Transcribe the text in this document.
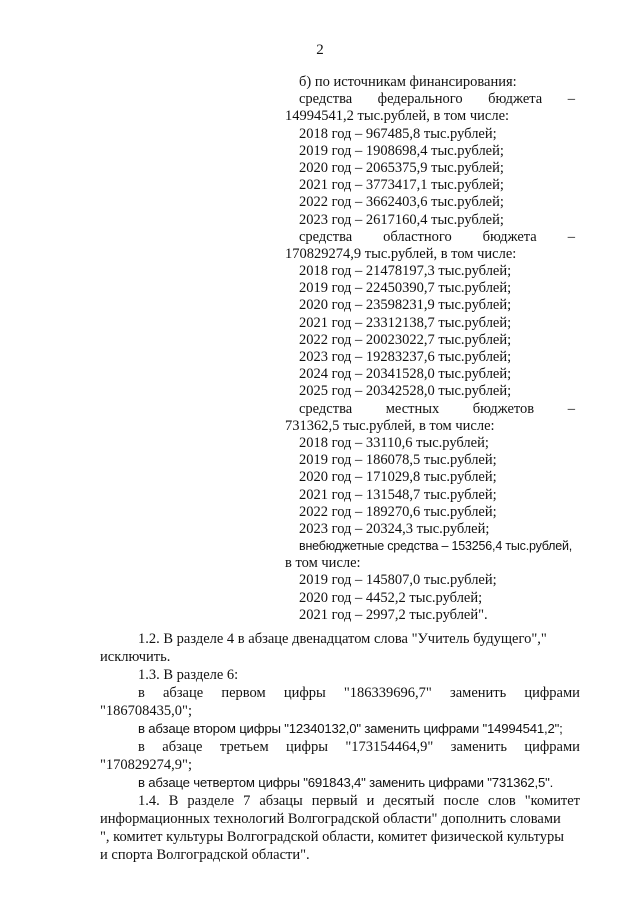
2
б) по источникам финансирования:
средства федерального бюджета –
14994541,2 тыс.рублей, в том числе:
2018 год – 967485,8 тыс.рублей;
2019 год – 1908698,4 тыс.рублей;
2020 год – 2065375,9 тыс.рублей;
2021 год – 3773417,1 тыс.рублей;
2022 год – 3662403,6 тыс.рублей;
2023 год – 2617160,4 тыс.рублей;
средства областного бюджета –
170829274,9 тыс.рублей, в том числе:
2018 год – 21478197,3 тыс.рублей;
2019 год – 22450390,7 тыс.рублей;
2020 год – 23598231,9 тыс.рублей;
2021 год – 23312138,7 тыс.рублей;
2022 год – 20023022,7 тыс.рублей;
2023 год – 19283237,6 тыс.рублей;
2024 год – 20341528,0 тыс.рублей;
2025 год – 20342528,0 тыс.рублей;
средства местных бюджетов –
731362,5 тыс.рублей, в том числе:
2018 год – 33110,6 тыс.рублей;
2019 год – 186078,5 тыс.рублей;
2020 год – 171029,8 тыс.рублей;
2021 год – 131548,7 тыс.рублей;
2022 год – 189270,6 тыс.рублей;
2023 год – 20324,3 тыс.рублей;
внебюджетные средства – 153256,4 тыс.рублей,
в том числе:
2019 год – 145807,0 тыс.рублей;
2020 год – 4452,2 тыс.рублей;
2021 год – 2997,2 тыс.рублей".
1.2. В разделе 4 в абзаце двенадцатом слова "Учитель будущего","
исключить.
1.3. В разделе 6:
в абзаце первом цифры "186339696,7" заменить цифрами
"186708435,0";
в абзаце втором цифры "12340132,0" заменить цифрами "14994541,2";
в абзаце третьем цифры "173154464,9" заменить цифрами
"170829274,9";
в абзаце четвертом цифры "691843,4" заменить цифрами "731362,5".
1.4. В разделе 7 абзацы первый и десятый после слов "комитет
информационных технологий Волгоградской области" дополнить словами
", комитет культуры Волгоградской области, комитет физической культуры
и спорта Волгоградской области".
